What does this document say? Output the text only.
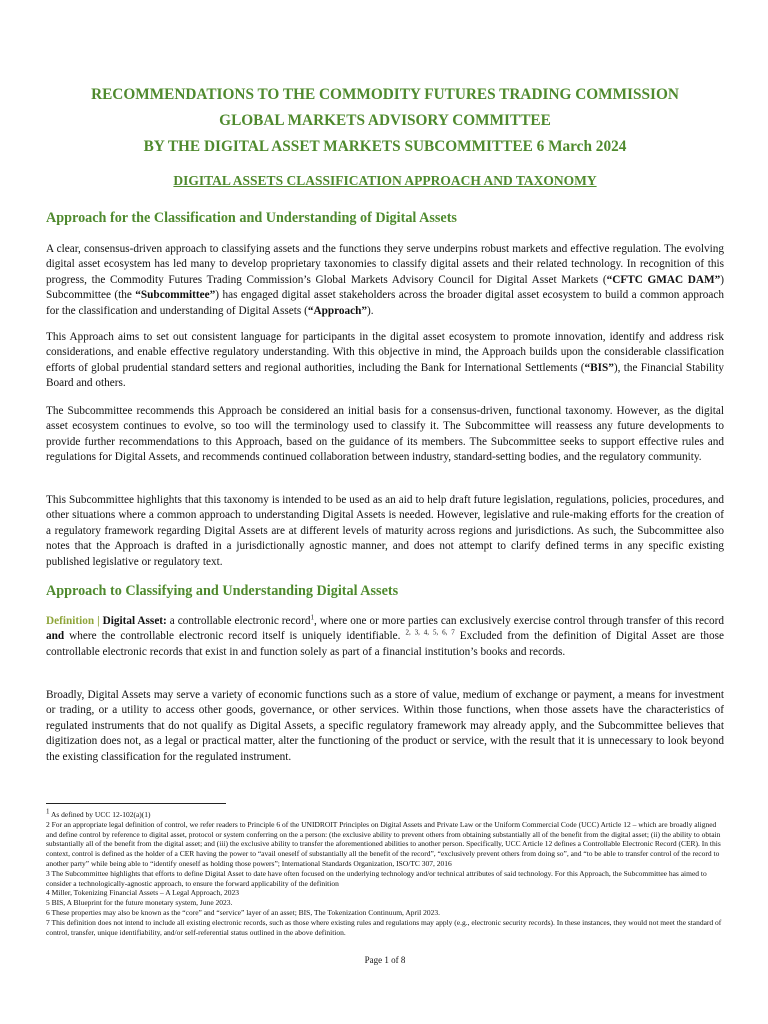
RECOMMENDATIONS TO THE COMMODITY FUTURES TRADING COMMISSION
GLOBAL MARKETS ADVISORY COMMITTEE
BY THE DIGITAL ASSET MARKETS SUBCOMMITTEE 6 March 2024
DIGITAL ASSETS CLASSIFICATION APPROACH AND TAXONOMY
Approach for the Classification and Understanding of Digital Assets
A clear, consensus-driven approach to classifying assets and the functions they serve underpins robust markets and effective regulation. The evolving digital asset ecosystem has led many to develop proprietary taxonomies to classify digital assets and their related technology. In recognition of this progress, the Commodity Futures Trading Commission’s Global Markets Advisory Council for Digital Asset Markets (“CFTC GMAC DAM”) Subcommittee (the “Subcommittee”) has engaged digital asset stakeholders across the broader digital asset ecosystem to build a common approach for the classification and understanding of Digital Assets (“Approach”).
This Approach aims to set out consistent language for participants in the digital asset ecosystem to promote innovation, identify and address risk considerations, and enable effective regulatory understanding. With this objective in mind, the Approach builds upon the considerable classification efforts of global prudential standard setters and regional authorities, including the Bank for International Settlements (“BIS”), the Financial Stability Board and others.
The Subcommittee recommends this Approach be considered an initial basis for a consensus-driven, functional taxonomy. However, as the digital asset ecosystem continues to evolve, so too will the terminology used to classify it. The Subcommittee will reassess any future developments to provide further recommendations to this Approach, based on the guidance of its members. The Subcommittee seeks to support effective rules and regulations for Digital Assets, and recommends continued collaboration between industry, standard-setting bodies, and the regulatory community.
This Subcommittee highlights that this taxonomy is intended to be used as an aid to help draft future legislation, regulations, policies, procedures, and other situations where a common approach to understanding Digital Assets is needed. However, legislative and rule-making efforts for the creation of a regulatory framework regarding Digital Assets are at different levels of maturity across regions and jurisdictions. As such, the Subcommittee also notes that the Approach is drafted in a jurisdictionally agnostic manner, and does not attempt to clarify defined terms in any specific existing published legislative or regulatory text.
Approach to Classifying and Understanding Digital Assets
Definition | Digital Asset: a controllable electronic record$^1$, where one or more parties can exclusively exercise control through transfer of this record and where the controllable electronic record itself is uniquely identifiable. $^{2, 3, 4, 5, 6, 7}$ Excluded from the definition of Digital Asset are those controllable electronic records that exist in and function solely as part of a financial institution’s books and records.
Broadly, Digital Assets may serve a variety of economic functions such as a store of value, medium of exchange or payment, a means for investment or trading, or a utility to access other goods, governance, or other services. Within those functions, when those assets have the characteristics of regulated instruments that do not qualify as Digital Assets, a specific regulatory framework may already apply, and the Subcommittee believes that digitization does not, as a legal or practical matter, alter the functioning of the product or service, with the result that it is unnecessary to look beyond the existing classification for the regulated instrument.

$^1$ As defined by UCC 12-102(a)(1)

2 For an appropriate legal definition of control, we refer readers to Principle 6 of the UNIDROIT Principles on Digital Assets and Private Law or the Uniform Commercial Code (UCC) Article 12 – which are broadly aligned and define control by reference to digital asset, protocol or system conferring on the a person: (the exclusive ability to prevent others from obtaining substantially all of the benefit from the digital asset; (ii) the ability to obtain substantially all of the benefit from the digital asset; and (iii) the exclusive ability to transfer the aforementioned abilities to another person. Specifically, UCC Article 12 defines a Controllable Electronic Record (CER). In this context, control is defined as the holder of a CER having the power to “avail oneself of substantially all the benefit of the record”, “exclusively prevent others from doing so”, and “to be able to transfer control of the record to another party” while being able to “identify oneself as holding those powers”; International Standards Organization, ISO/TC 307, 2016

3 The Subcommittee highlights that efforts to define Digital Asset to date have often focused on the underlying technology and/or technical attributes of said technology. For this Approach, the Subcommittee has aimed to consider a technologically-agnostic approach, to ensure the forward applicability of the definition

4 Miller, Tokenizing Financial Assets – A Legal Approach, 2023

5 BIS, A Blueprint for the future monetary system, June 2023.

6 These properties may also be known as the “core” and “service” layer of an asset; BIS, The Tokenization Continuum, April 2023.

7 This definition does not intend to include all existing electronic records, such as those where existing rules and regulations may apply (e.g., electronic security records). In these instances, they would not meet the standard of control, transfer, unique identifiability, and/or self-referential status outlined in the above definition.

Page 1 of 8
